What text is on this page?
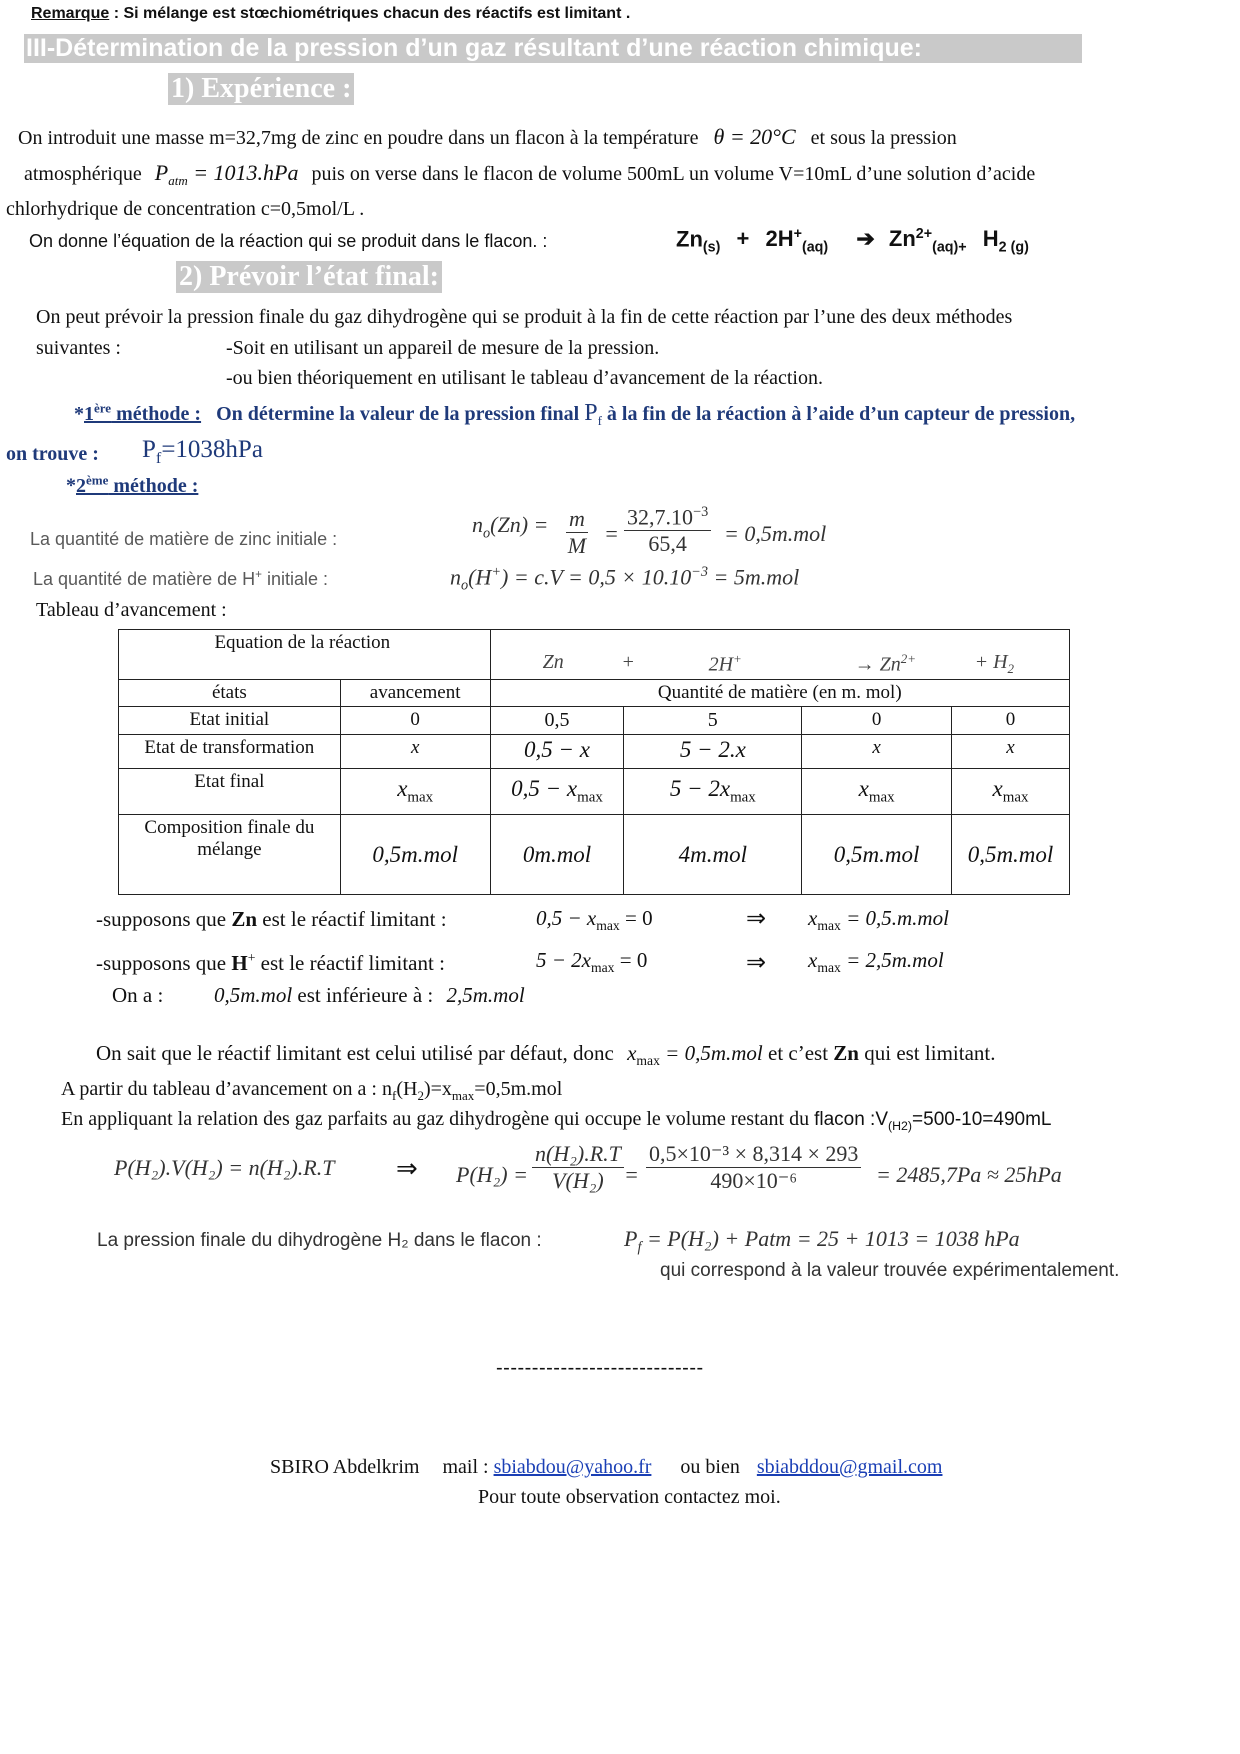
Remarque : Si mélange est stœchiométriques chacun des réactifs est limitant .
III-Détermination de la pression d’un gaz résultant d’une réaction chimique:
1) Expérience :
On introduit une masse m=32,7mg de zinc en poudre dans un flacon à la température θ = 20°C et sous la pression
atmosphérique $P_{atm} = 1013.hPa$ puis on verse dans le flacon de volume 500mL un volume V=10mL d’une solution d’acide
chlorhydrique de concentration c=0,5mol/L .
On donne l’équation de la réaction qui se produit dans le flacon. :	$Zn_{(s)} + 2H^+_{(aq)}$ ➔ $Zn^{2+}_{(aq)+}$ $H_{2 (g)}$
2) Prévoir l’état final:
On peut prévoir la pression finale du gaz dihydrogène qui se produit à la fin de cette réaction par l’une des deux méthodes
suivantes :	-Soit en utilisant un appareil de mesure de la pression.
-ou bien théoriquement en utilisant le tableau d’avancement de la réaction.
*1ère méthode : On détermine la valeur de la pression final $P_f$ à la fin de la réaction à l’aide d’un capteur de pression,
on trouve : $P_f=1038hPa$
*2ème méthode :
La quantité de matière de zinc initiale :
$n_o(Zn) = m$
M =
$32,7.10^{-3}$
65,4	= 0,5m.mol
La quantité de matière de H+ initiale :	$n_o(H^+) = c.V = 0,5 \times 10.10^{-3} = 5m.mol$
Tableau d’avancement :
Equation de la réaction		$Zn + 2H^+ \to Zn^{2+} + H_2$

états	avancement	Quantité de matière (en m. mol)			
Etat initial	0	0,5	5	0	0
Etat de transformation	x	0,5 − x	5 − 2.x	x	x
Etat final	$x_{max}$	$0,5 - x_{max}$	$5 - 2x_{max}$	$x_{max}$	$x_{max}$
Composition finale du mélange	0,5m.mol	0m.mol	4m.mol	0,5m.mol	0,5m.mol
-supposons que Zn est le réactif limitant :	$0,5 - x_{max} = 0$	⇒ $x_{max} = 0,5.m.mol$
-supposons que H+ est le réactif limitant :	$5 - 2x_{max} = 0$	⇒ $x_{max} = 2,5m.mol$
On a : 0,5m.mol est inférieure à : 2,5m.mol
On sait que le réactif limitant est celui utilisé par défaut, donc $x_{max} = 0,5m.mol$ et c’est Zn qui est limitant.
A partir du tableau d’avancement on a : $n_f(H_2)=x_{max}=0,5m.mol$
En appliquant la relation des gaz parfaits au gaz dihydrogène qui occupe le volume restant du flacon $:V_{(H2)}=500-10=490mL$
P(H₂).V(H₂) = n(H₂).R.T ⇒ P(H₂) =
n(H₂).R.T
V(H₂) =
0,5×10⁻³ × 8,314 × 293
490×10⁻⁶	= 2485,7Pa ≈ 25hPa
La pression finale du dihydrogène H₂ dans le flacon :	$P_f = P(H_2)$ + Patm = 25 + 1013 = 1038 hPa
qui correspond à la valeur trouvée expérimentalement.
-----------------------------
SBIRO Abdelkrim mail : sbiabdou@yahoo.fr ou bien sbiabddou@gmail.com
Pour toute observation contactez moi.
